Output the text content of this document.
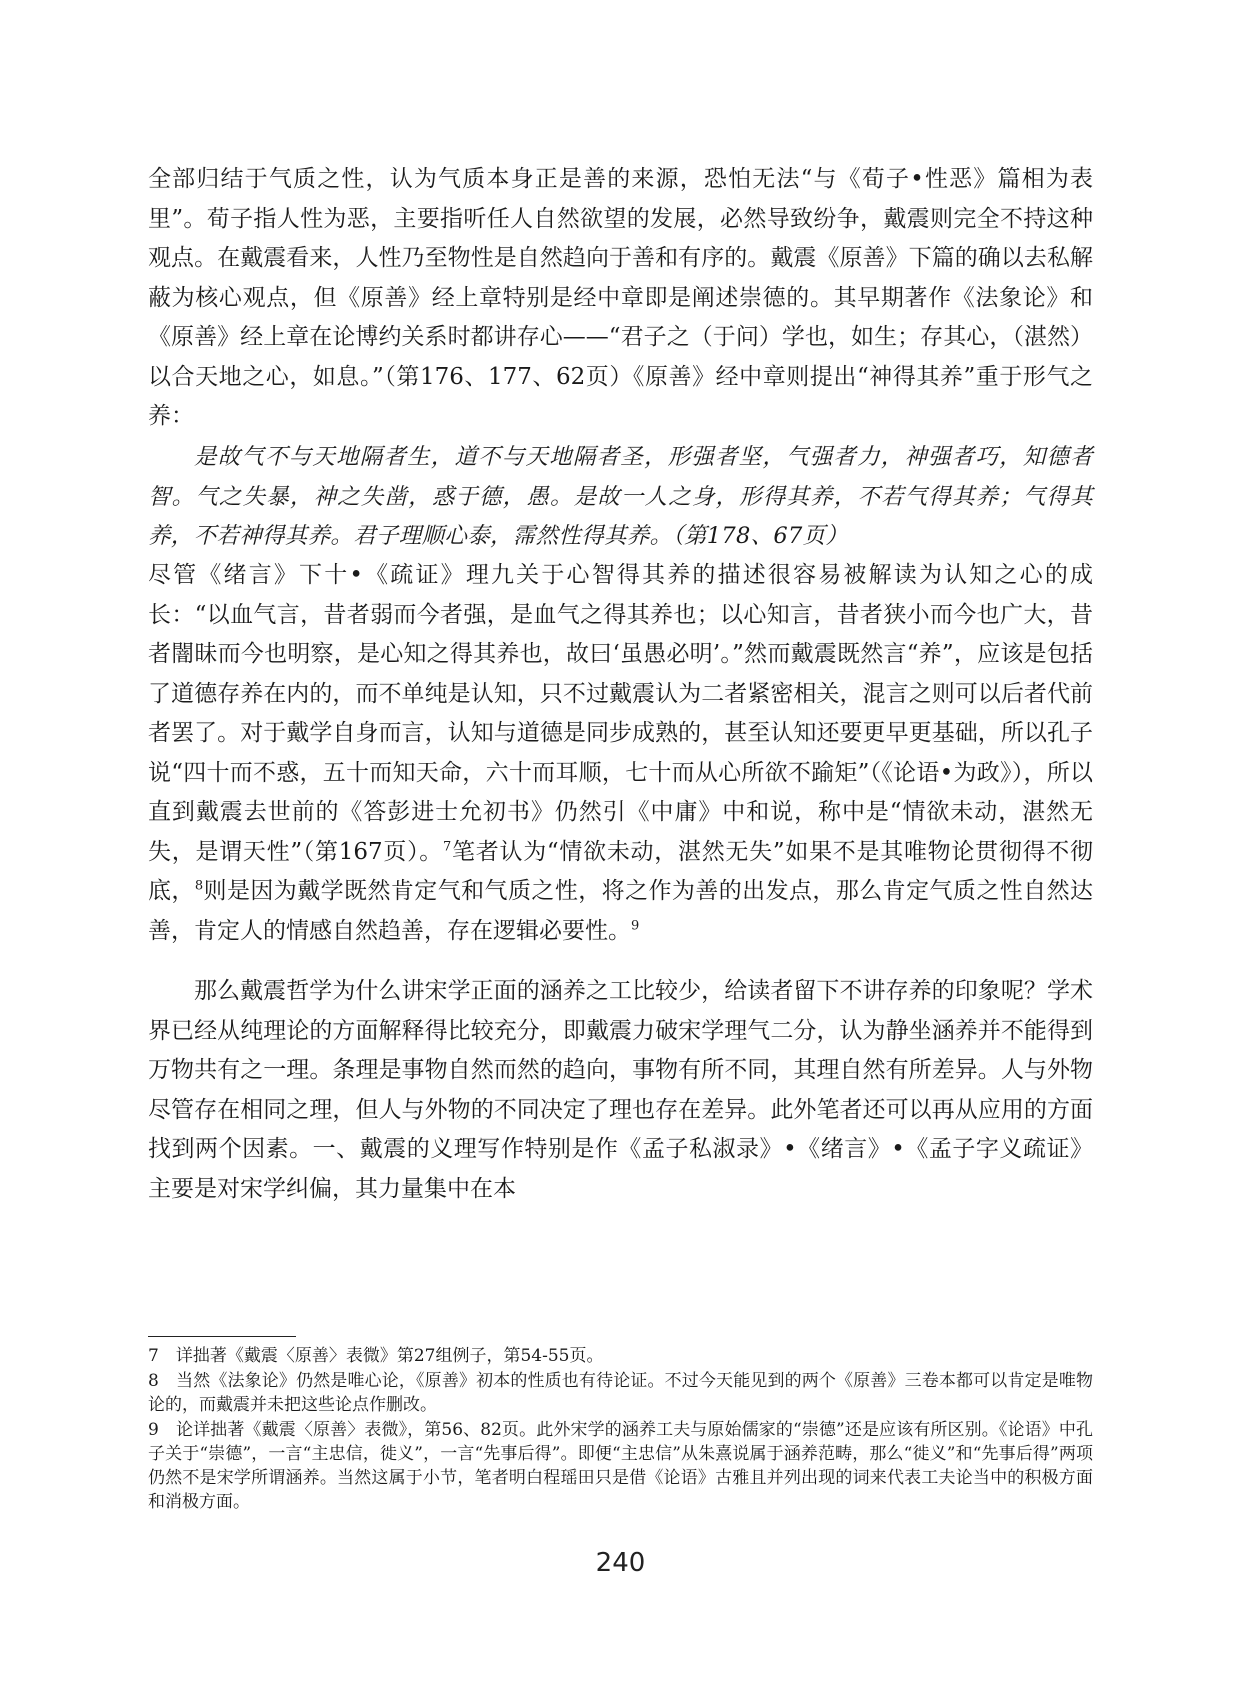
全部归结于气质之性，认为气质本身正是善的来源，恐怕无法“与《荀子•性恶》篇相为表里”。荀子指人性为恶，主要指听任人自然欲望的发展，必然导致纷争，戴震则完全不持这种观点。在戴震看来，人性乃至物性是自然趋向于善和有序的。戴震《原善》下篇的确以去私解蔽为核心观点，但《原善》经上章特别是经中章即是阐述崇德的。其早期著作《法象论》和《原善》经上章在论博约关系时都讲存心——“君子之（于问）学也，如生；存其心，（湛然）以合天地之心，如息。”（第176、177、62页）《原善》经中章则提出“神得其养”重于形气之养：

是故气不与天地隔者生，道不与天地隔者圣，形强者坚，气强者力，神强者巧，知德者智。气之失暴，神之失凿，惑于德，愚。是故一人之身，形得其养，不若气得其养；气得其养，不若神得其养。君子理顺心泰，霈然性得其养。（第178、67页）

尽管《绪言》下十•《疏证》理九关于心智得其养的描述很容易被解读为认知之心的成长：“以血气言，昔者弱而今者强，是血气之得其养也；以心知言，昔者狭小而今也广大，昔者闇昧而今也明察，是心知之得其养也，故曰‘虽愚必明’。”然而戴震既然言“养”，应该是包括了道德存养在内的，而不单纯是认知，只不过戴震认为二者紧密相关，混言之则可以后者代前者罢了。对于戴学自身而言，认知与道德是同步成熟的，甚至认知还要更早更基础，所以孔子说“四十而不惑，五十而知天命，六十而耳顺，七十而从心所欲不踰矩”（《论语•为政》），所以直到戴震去世前的《答彭进士允初书》仍然引《中庸》中和说，称中是“情欲未动，湛然无失，是谓天性”（第167页）。$^7$笔者认为“情欲未动，湛然无失”如果不是其唯物论贯彻得不彻底，$^8$则是因为戴学既然肯定气和气质之性，将之作为善的出发点，那么肯定气质之性自然达善，肯定人的情感自然趋善，存在逻辑必要性。$^9$

那么戴震哲学为什么讲宋学正面的涵养之工比较少，给读者留下不讲存养的印象呢？学术界已经从纯理论的方面解释得比较充分，即戴震力破宋学理气二分，认为静坐涵养并不能得到万物共有之一理。条理是事物自然而然的趋向，事物有所不同，其理自然有所差异。人与外物尽管存在相同之理，但人与外物的不同决定了理也存在差异。此外笔者还可以再从应用的方面找到两个因素。一、戴震的义理写作特别是作《孟子私淑录》•《绪言》•《孟子字义疏证》主要是对宋学纠偏，其力量集中在本

7　详拙著《戴震〈原善〉表微》第27组例子，第54-55页。

8　当然《法象论》仍然是唯心论，《原善》初本的性质也有待论证。不过今天能见到的两个《原善》三卷本都可以肯定是唯物论的，而戴震并未把这些论点作删改。

9　论详拙著《戴震〈原善〉表微》，第56、82页。此外宋学的涵养工夫与原始儒家的“崇德”还是应该有所区别。《论语》中孔子关于“崇德”，一言“主忠信，徙义”，一言“先事后得”。即便“主忠信”从朱熹说属于涵养范畴，那么“徙义”和“先事后得”两项仍然不是宋学所谓涵养。当然这属于小节，笔者明白程瑶田只是借《论语》古雅且并列出现的词来代表工夫论当中的积极方面和消极方面。

240
